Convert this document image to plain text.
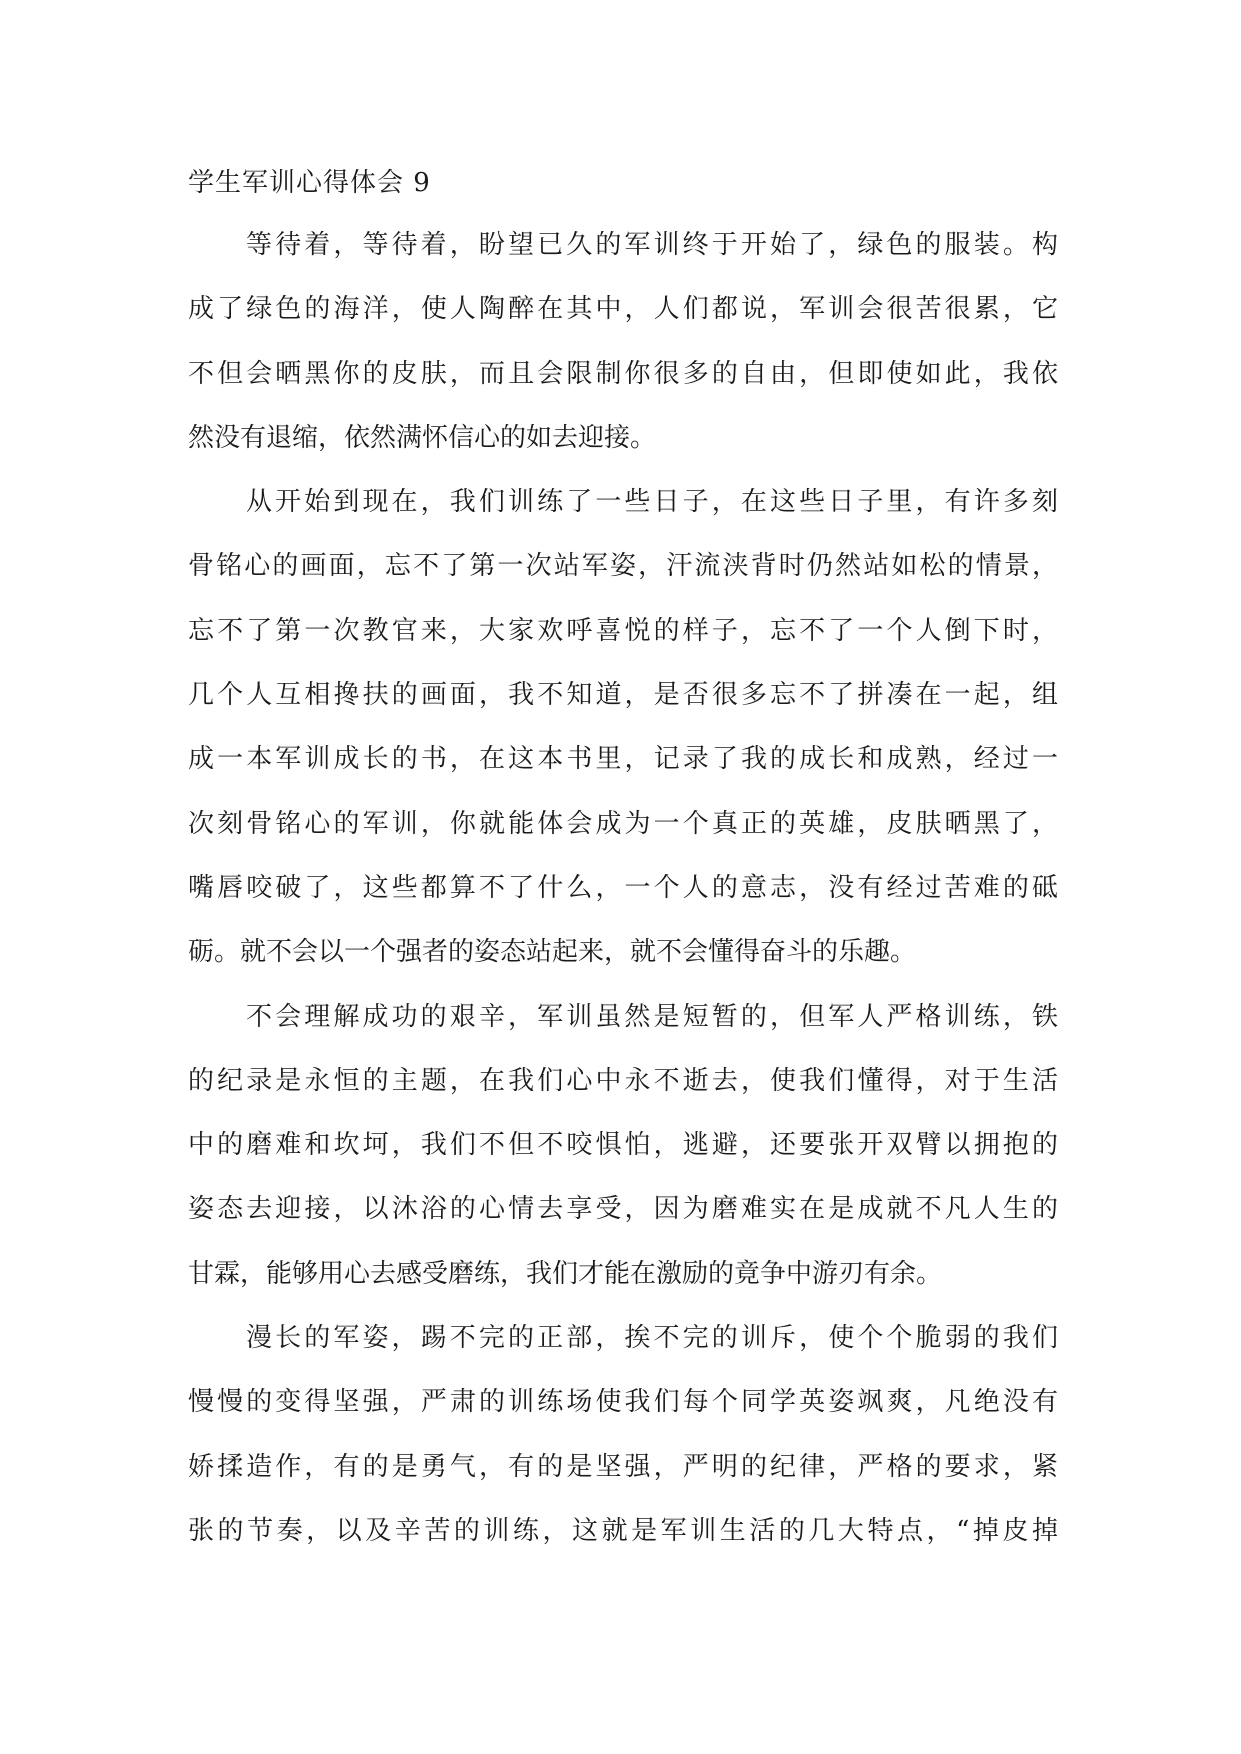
学生军训心得体会 9
等待着，等待着，盼望已久的军训终于开始了，绿色的服装。构
成了绿色的海洋，使人陶醉在其中，人们都说，军训会很苦很累，它
不但会晒黑你的皮肤，而且会限制你很多的自由，但即使如此，我依
然没有退缩，依然满怀信心的如去迎接。
从开始到现在，我们训练了一些日子，在这些日子里，有许多刻
骨铭心的画面，忘不了第一次站军姿，汗流浃背时仍然站如松的情景，
忘不了第一次教官来，大家欢呼喜悦的样子，忘不了一个人倒下时，
几个人互相搀扶的画面，我不知道，是否很多忘不了拼凑在一起，组
成一本军训成长的书，在这本书里，记录了我的成长和成熟，经过一
次刻骨铭心的军训，你就能体会成为一个真正的英雄，皮肤晒黑了，
嘴唇咬破了，这些都算不了什么，一个人的意志，没有经过苦难的砥
砺。就不会以一个强者的姿态站起来，就不会懂得奋斗的乐趣。
不会理解成功的艰辛，军训虽然是短暂的，但军人严格训练，铁
的纪录是永恒的主题，在我们心中永不逝去，使我们懂得，对于生活
中的磨难和坎坷，我们不但不咬惧怕，逃避，还要张开双臂以拥抱的
姿态去迎接，以沐浴的心情去享受，因为磨难实在是成就不凡人生的
甘霖，能够用心去感受磨练，我们才能在激励的竟争中游刃有余。
漫长的军姿，踢不完的正部，挨不完的训斥，使个个脆弱的我们
慢慢的变得坚强，严肃的训练场使我们每个同学英姿飒爽，凡绝没有
娇揉造作，有的是勇气，有的是坚强，严明的纪律，严格的要求，紧
张的节奏，以及辛苦的训练，这就是军训生活的几大特点，“掉皮掉
